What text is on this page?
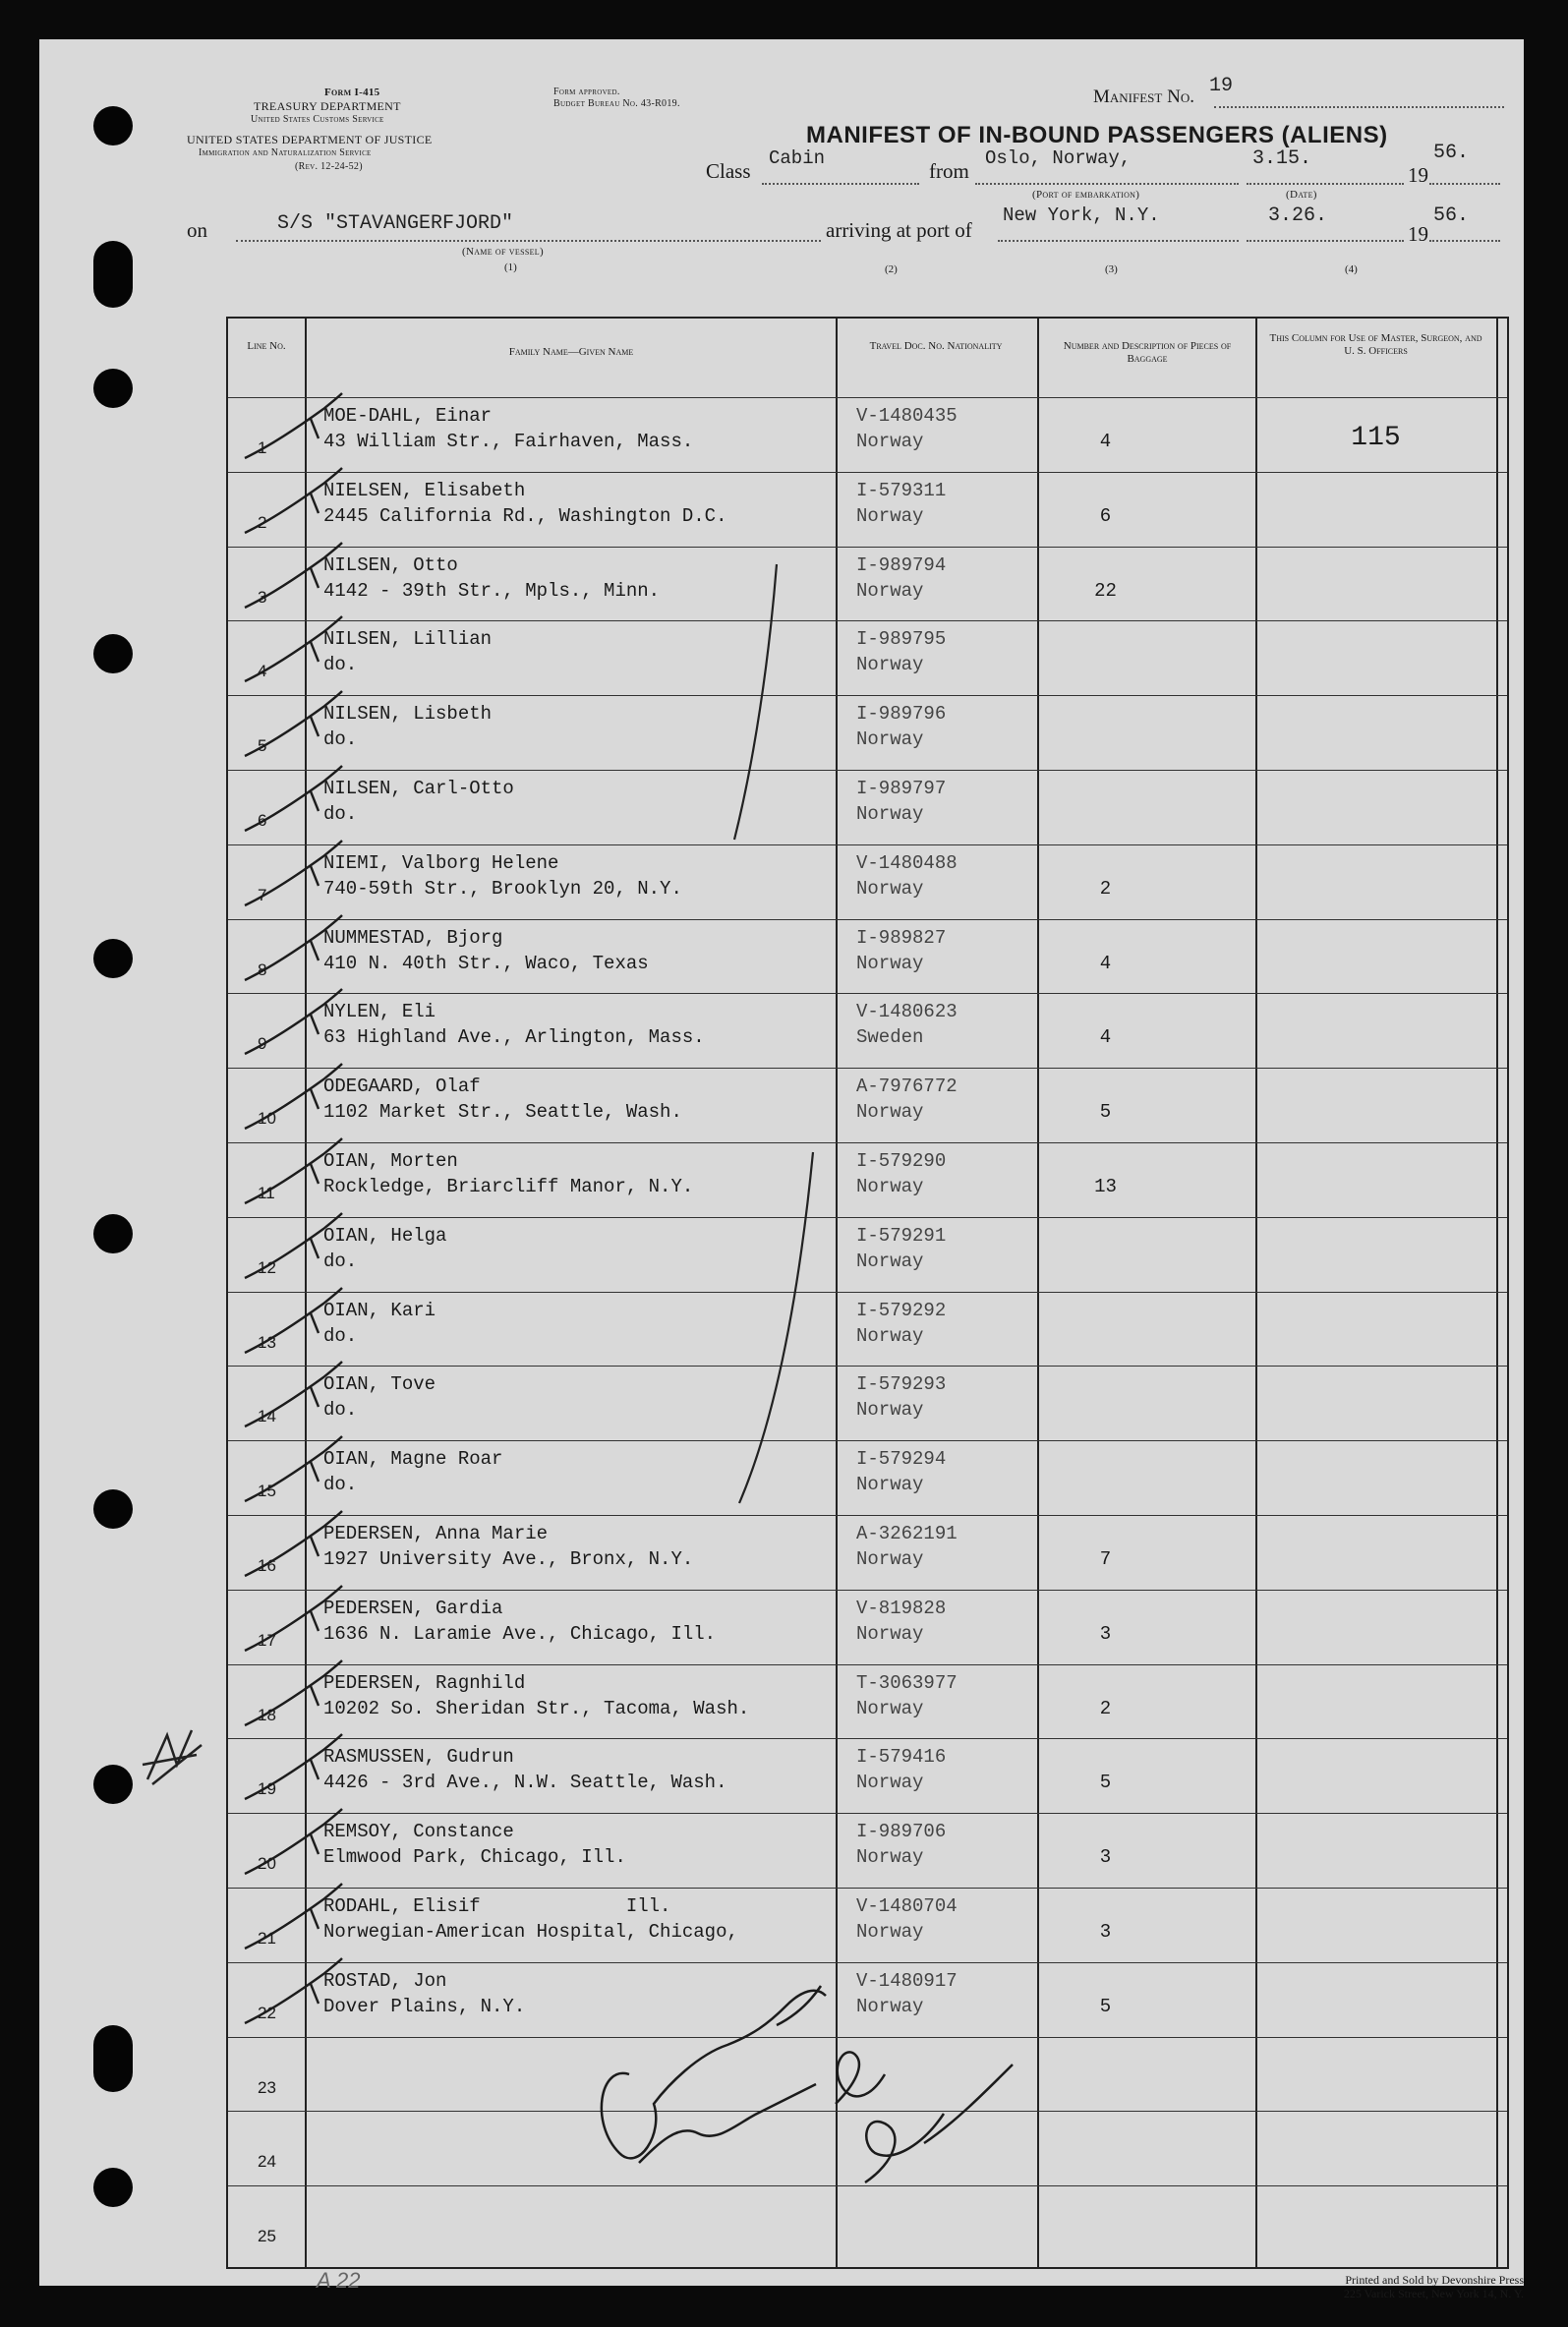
Form I-415
TREASURY DEPARTMENT
United States Customs Service
UNITED STATES DEPARTMENT OF JUSTICE
Immigration and Naturalization Service
(Rev. 12-24-52)
Form approved.
Budget Bureau No. 43-R019.	Manifest No. 19
MANIFEST OF IN-BOUND PASSENGERS (ALIENS)
Class
Cabin
from
Oslo, Norway,	3.15.
19
56.
(Port of embarkation)	(Date)
on	S/S "STAVANGERFJORD"
(Name of vessel)
arriving at port of
New York, N.Y.	3.26.
19
56.
(1)	(2)	(3)	(4)
Line No.	Family Name—Given Name	Travel Doc. No. Nationality	Number and Description of Pieces of Baggage
This Column for Use of Master, Surgeon, and U. S. Officers
1
MOE-DAHL, Einar
43 William Str., Fairhaven, Mass.
V-1480435
Norway	4	115
2
NIELSEN, Elisabeth
2445 California Rd., Washington D.C.
I-579311
Norway	6
3
NILSEN, Otto
4142 - 39th Str., Mpls., Minn.
I-989794
Norway	22
4
NILSEN, Lillian
do.
I-989795
Norway
5
NILSEN, Lisbeth
do.
I-989796
Norway
6
NILSEN, Carl-Otto
do.
I-989797
Norway
7
NIEMI, Valborg Helene
740-59th Str., Brooklyn 20, N.Y.
V-1480488
Norway	2
8
NUMMESTAD, Bjorg
410 N. 40th Str., Waco, Texas
I-989827
Norway	4
9
NYLEN, Eli
63 Highland Ave., Arlington, Mass.
V-1480623
Sweden	4
10
ODEGAARD, Olaf
1102 Market Str., Seattle, Wash.
A-7976772
Norway	5
11
OIAN, Morten
Rockledge, Briarcliff Manor, N.Y.
I-579290
Norway	13
12
OIAN, Helga
do.
I-579291
Norway
13
OIAN, Kari
do.
I-579292
Norway
14
OIAN, Tove
do.
I-579293
Norway
15
OIAN, Magne Roar
do.
I-579294
Norway
16
PEDERSEN, Anna Marie
1927 University Ave., Bronx, N.Y.
A-3262191
Norway	7
17
PEDERSEN, Gardia
1636 N. Laramie Ave., Chicago, Ill.
V-819828
Norway	3
18
PEDERSEN, Ragnhild
10202 So. Sheridan Str., Tacoma, Wash.
T-3063977
Norway	2
19
RASMUSSEN, Gudrun
4426 - 3rd Ave., N.W. Seattle, Wash.
I-579416
Norway	5
20
REMSOY, Constance
Elmwood Park, Chicago, Ill.
I-989706
Norway	3
21
RODAHL, Elisif             Ill.
Norwegian-American Hospital, Chicago,
V-1480704
Norway	3
22
ROSTAD, Jon
Dover Plains, N.Y.
V-1480917
Norway	5
23
24
25
A 22	Printed and Sold by Devonshire Press
225 Varick Street, New York 14, N. Y.
